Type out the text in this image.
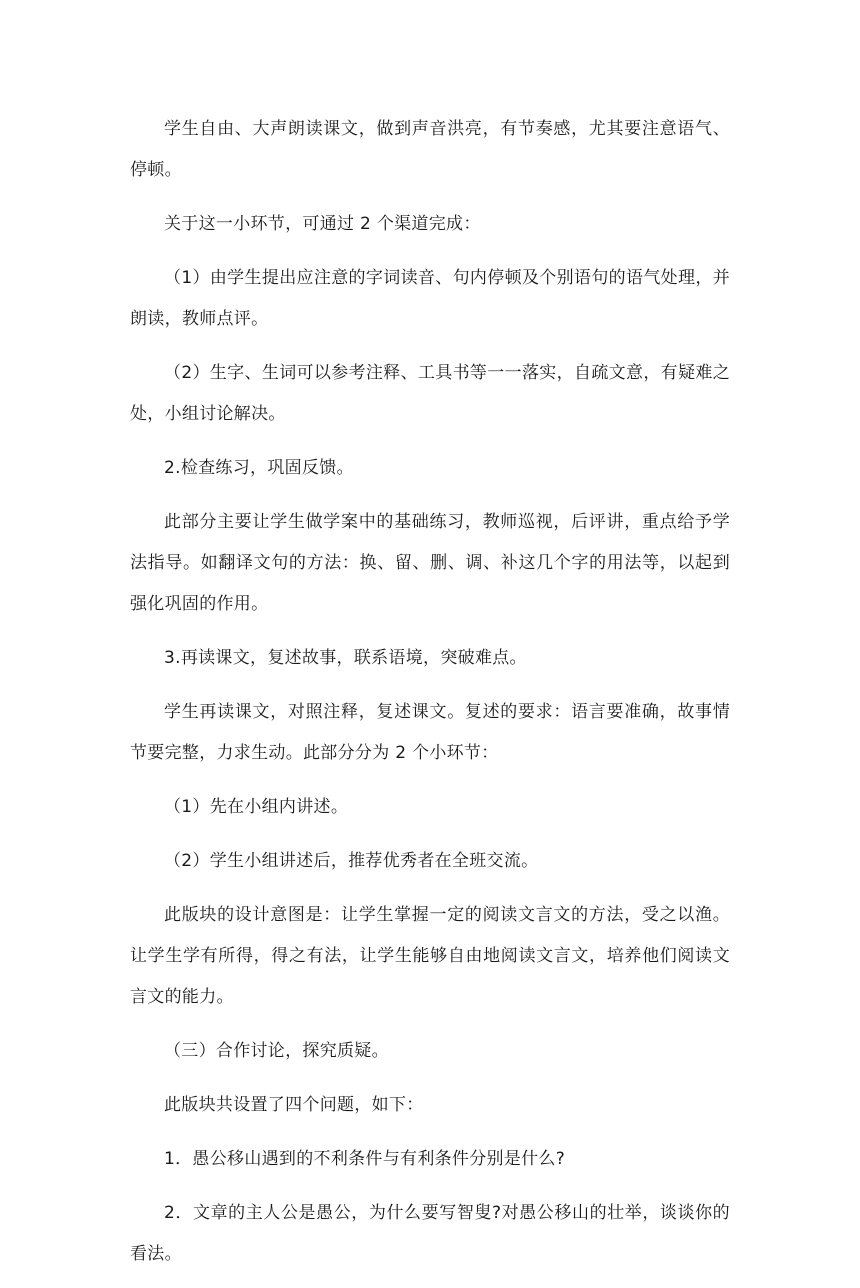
学生自由、大声朗读课文，做到声音洪亮，有节奏感，尤其要注意语气、停顿。

关于这一小环节，可通过 2 个渠道完成：

（1）由学生提出应注意的字词读音、句内停顿及个别语句的语气处理，并朗读，教师点评。

（2）生字、生词可以参考注释、工具书等一一落实，自疏文意，有疑难之处，小组讨论解决。

2.检查练习，巩固反馈。

此部分主要让学生做学案中的基础练习，教师巡视，后评讲，重点给予学法指导。如翻译文句的方法：换、留、删、调、补这几个字的用法等，以起到强化巩固的作用。

3.再读课文，复述故事，联系语境，突破难点。

学生再读课文，对照注释，复述课文。复述的要求：语言要准确，故事情节要完整，力求生动。此部分分为 2 个小环节：

（1）先在小组内讲述。

（2）学生小组讲述后，推荐优秀者在全班交流。

此版块的设计意图是：让学生掌握一定的阅读文言文的方法，受之以渔。让学生学有所得，得之有法，让学生能够自由地阅读文言文，培养他们阅读文言文的能力。

（三）合作讨论，探究质疑。

此版块共设置了四个问题，如下：

1．愚公移山遇到的不利条件与有利条件分别是什么?

2．文章的主人公是愚公，为什么要写智叟?对愚公移山的壮举，谈谈你的看法。
